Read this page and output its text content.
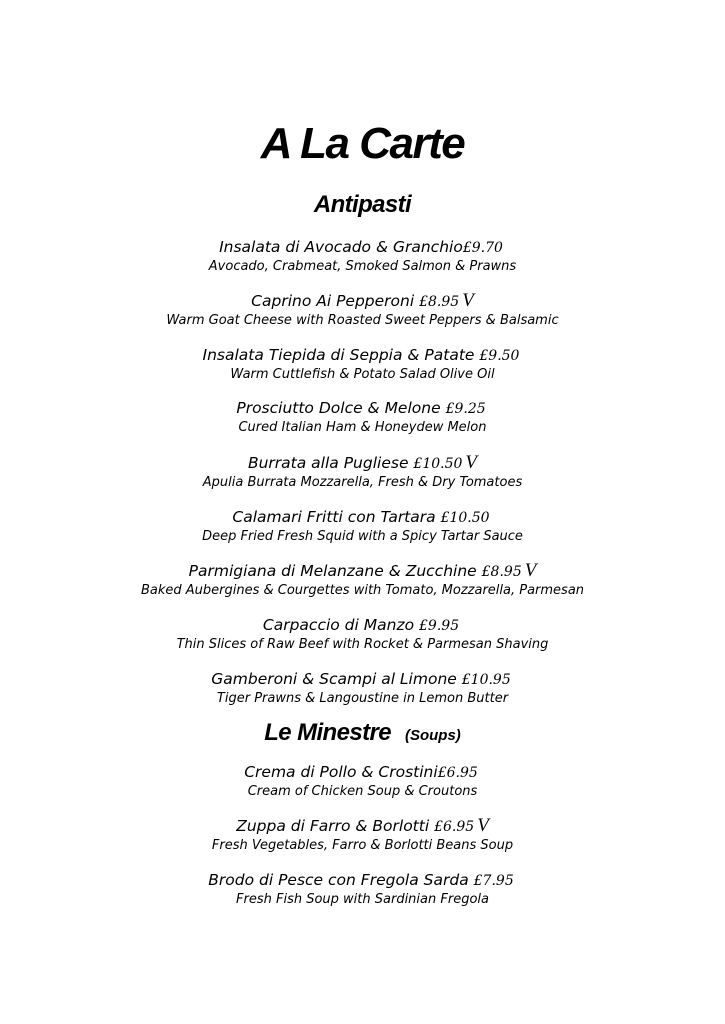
A La Carte
Antipasti
Insalata di Avocado & Granchio£9.70
Avocado, Crabmeat, Smoked Salmon & Prawns
Caprino Ai Pepperoni £8.95 V
Warm Goat Cheese with Roasted Sweet Peppers & Balsamic
Insalata Tiepida di Seppia & Patate £9.50
Warm Cuttlefish & Potato Salad Olive Oil
Prosciutto Dolce & Melone £9.25
Cured Italian Ham & Honeydew Melon
Burrata alla Pugliese £10.50 V
Apulia Burrata Mozzarella, Fresh & Dry Tomatoes
Calamari Fritti con Tartara £10.50
Deep Fried Fresh Squid with a Spicy Tartar Sauce
Parmigiana di Melanzane & Zucchine £8.95 V
Baked Aubergines & Courgettes with Tomato, Mozzarella, Parmesan
Carpaccio di Manzo £9.95
Thin Slices of Raw Beef with Rocket & Parmesan Shaving
Gamberoni & Scampi al Limone £10.95
Tiger Prawns & Langoustine in Lemon Butter
Le Minestre (Soups)
Crema di Pollo & Crostini£6.95
Cream of Chicken Soup & Croutons
Zuppa di Farro & Borlotti £6.95 V
Fresh Vegetables, Farro & Borlotti Beans Soup
Brodo di Pesce con Fregola Sarda £7.95
Fresh Fish Soup with Sardinian Fregola
